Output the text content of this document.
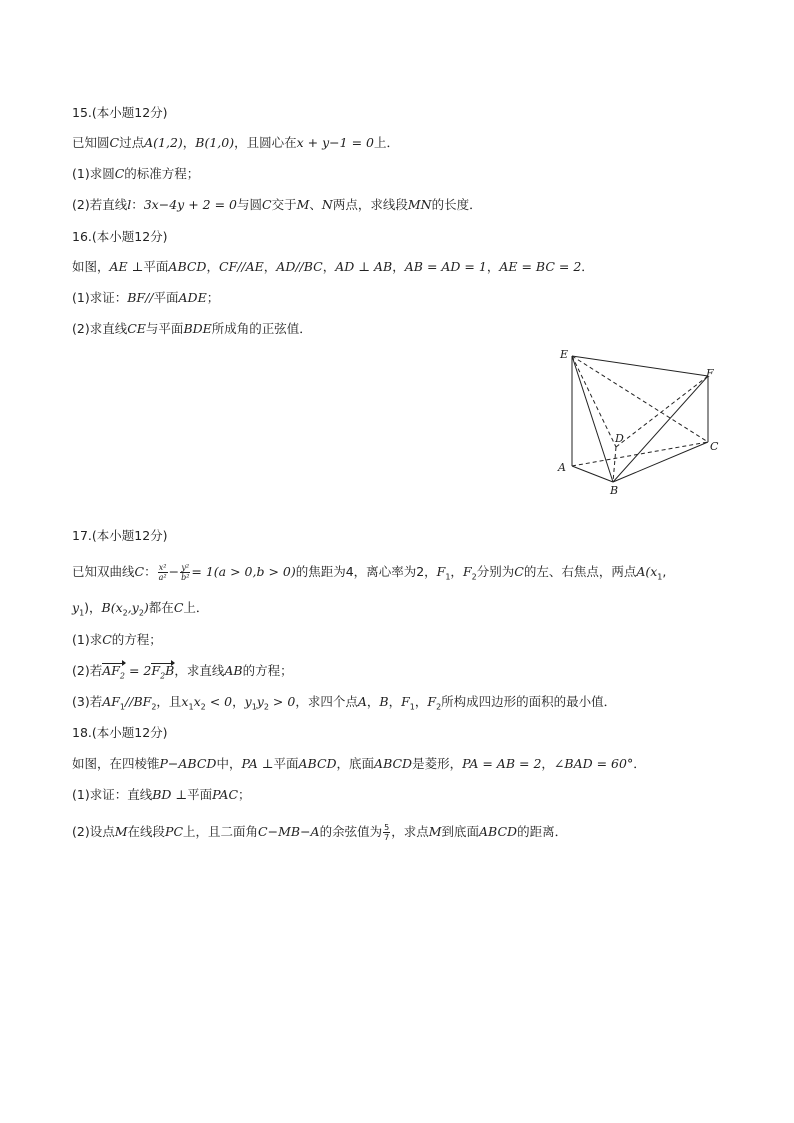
15.(本小题12分)
已知圆C过点A(1,2)，B(1,0)，且圆心在x + y−1 = 0上．
(1)求圆C的标准方程；
(2)若直线l：3x−4y + 2 = 0与圆C交于M、N两点，求线段MN的长度．
16.(本小题12分)
如图，AE ⊥平面ABCD，CF//AE，AD//BC，AD ⊥ AB，AB = AD = 1，AE = BC = 2．
(1)求证：BF//平面ADE；
(2)求直线CE与平面BDE所成角的正弦值．
E
F
D
C
A
B
17.(本小题12分)
已知双曲线C： $\frac{\text{x²}}{\text{a²}} - \frac{\text{y²}}{\text{b²}} = 1(a > 0,b > 0)$的焦距为4，离心率为2，$F_1$，$F_2$分别为C的左、右焦点，两点$A(x_1$,
$y_1$)，$B(x_2,y_2)$都在C上．
(1)求C的方程；
(2)若$AF_2 = 2F_2B$，求直线AB的方程；
(3)若$AF_1//BF_2$，且$x_1x_2 < 0$，$y_1y_2 > 0$，求四个点A，B，$F_1$，$F_2$所构成四边形的面积的最小值．
18.(本小题12分)
如图，在四棱锥P−ABCD中，PA ⊥平面ABCD，底面ABCD是菱形，PA = AB = 2，∠BAD = 60°．
(1)求证：直线BD ⊥平面PAC；
(2)设点M在线段PC上，且二面角C−MB−A的余弦值为 $\frac{5}{7}$ ，求点M到底面ABCD的距离．
